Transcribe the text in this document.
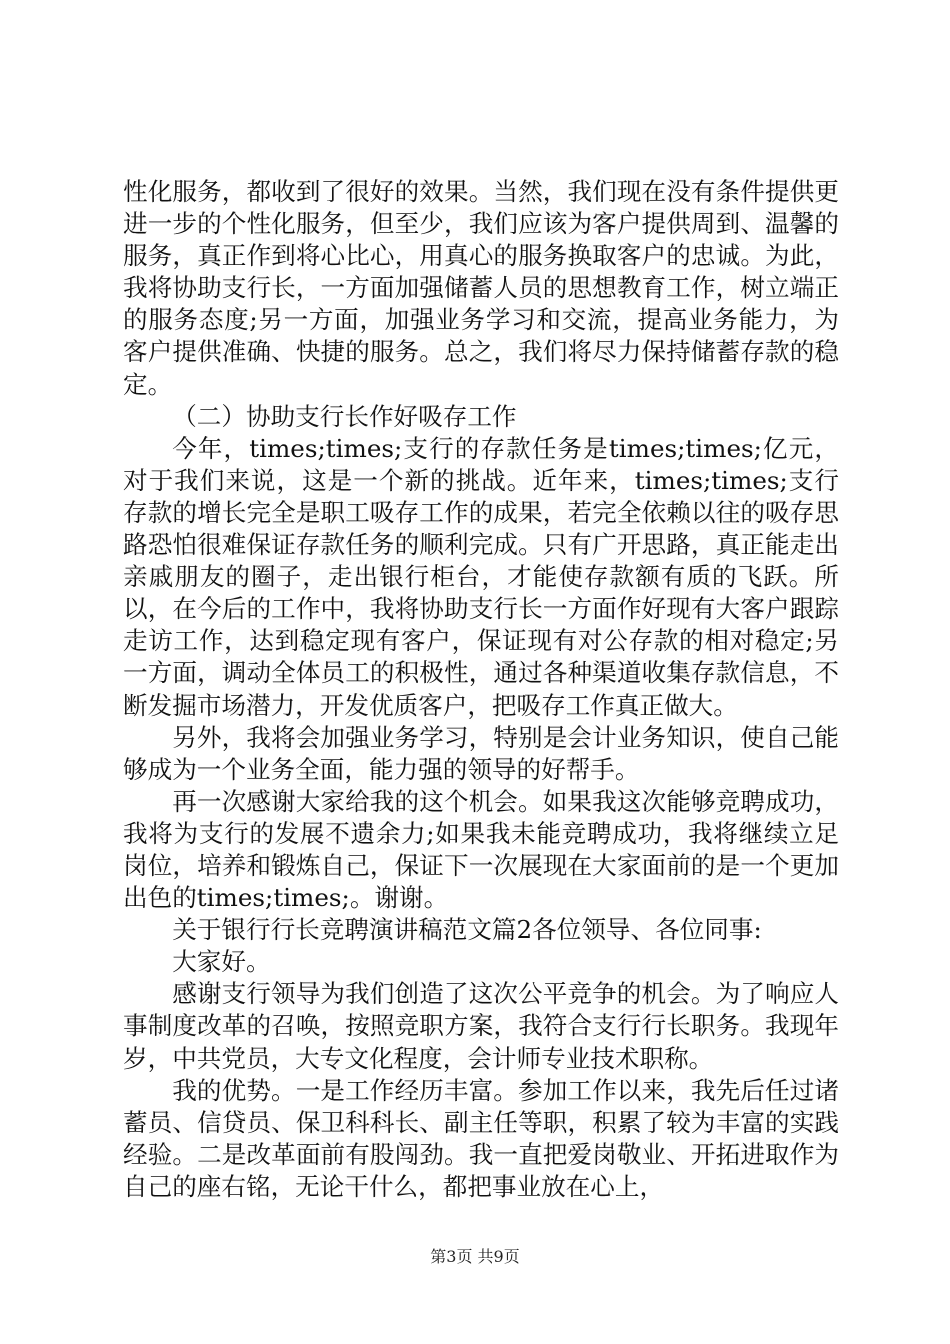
性化服务，都收到了很好的效果。当然，我们现在没有条件提供更进一步的个性化服务，但至少，我们应该为客户提供周到、温馨的服务，真正作到将心比心，用真心的服务换取客户的忠诚。为此，我将协助支行长，一方面加强储蓄人员的思想教育工作，树立端正的服务态度;另一方面，加强业务学习和交流，提高业务能力，为客户提供准确、快捷的服务。总之，我们将尽力保持储蓄存款的稳定。

（二）协助支行长作好吸存工作

今年，times;times;支行的存款任务是times;times;亿元，对于我们来说，这是一个新的挑战。近年来，times;times;支行存款的增长完全是职工吸存工作的成果，若完全依赖以往的吸存思路恐怕很难保证存款任务的顺利完成。只有广开思路，真正能走出亲戚朋友的圈子，走出银行柜台，才能使存款额有质的飞跃。所以，在今后的工作中，我将协助支行长一方面作好现有大客户跟踪走访工作，达到稳定现有客户，保证现有对公存款的相对稳定;另一方面，调动全体员工的积极性，通过各种渠道收集存款信息，不断发掘市场潜力，开发优质客户，把吸存工作真正做大。

另外，我将会加强业务学习，特别是会计业务知识，使自己能够成为一个业务全面，能力强的领导的好帮手。

再一次感谢大家给我的这个机会。如果我这次能够竞聘成功，我将为支行的发展不遗余力;如果我未能竞聘成功，我将继续立足岗位，培养和锻炼自己，保证下一次展现在大家面前的是一个更加出色的times;times;。谢谢。

关于银行行长竞聘演讲稿范文篇2各位领导、各位同事:

大家好。

感谢支行领导为我们创造了这次公平竞争的机会。为了响应人事制度改革的召唤，按照竞职方案，我符合支行行长职务。我现年岁，中共党员，大专文化程度，会计师专业技术职称。

我的优势。一是工作经历丰富。参加工作以来，我先后任过诸蓄员、信贷员、保卫科科长、副主任等职，积累了较为丰富的实践经验。二是改革面前有股闯劲。我一直把爱岗敬业、开拓进取作为自己的座右铭，无论干什么，都把事业放在心上，

第3页 共9页
